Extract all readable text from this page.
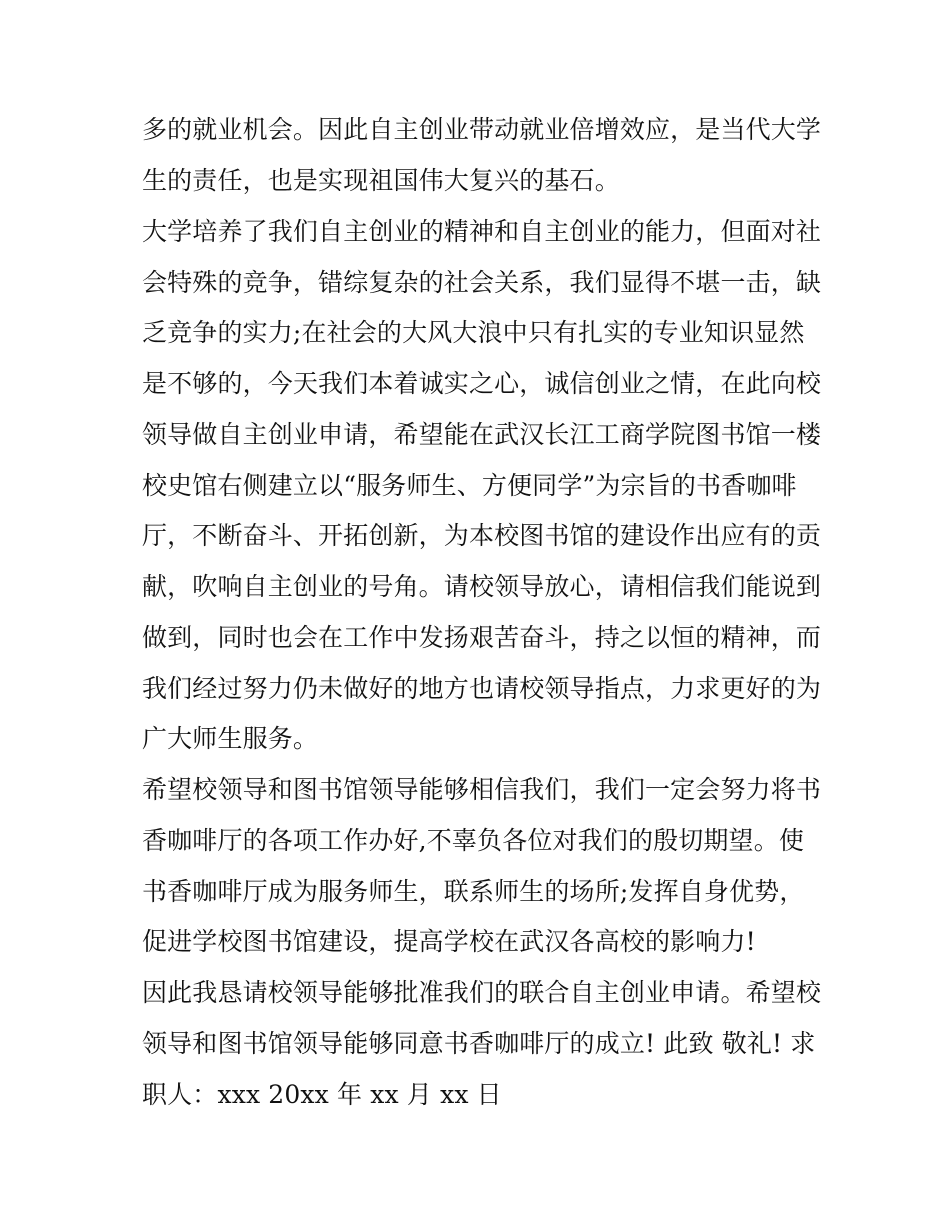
多的就业机会。因此自主创业带动就业倍增效应，是当代大学
生的责任，也是实现祖国伟大复兴的基石。
大学培养了我们自主创业的精神和自主创业的能力，但面对社
会特殊的竞争，错综复杂的社会关系，我们显得不堪一击，缺
乏竞争的实力;在社会的大风大浪中只有扎实的专业知识显然
是不够的，今天我们本着诚实之心，诚信创业之情，在此向校
领导做自主创业申请，希望能在武汉长江工商学院图书馆一楼
校史馆右侧建立以“服务师生、方便同学”为宗旨的书香咖啡
厅，不断奋斗、开拓创新，为本校图书馆的建设作出应有的贡
献，吹响自主创业的号角。请校领导放心，请相信我们能说到
做到，同时也会在工作中发扬艰苦奋斗，持之以恒的精神，而
我们经过努力仍未做好的地方也请校领导指点，力求更好的为
广大师生服务。
希望校领导和图书馆领导能够相信我们，我们一定会努力将书
香咖啡厅的各项工作办好,不辜负各位对我们的殷切期望。使
书香咖啡厅成为服务师生，联系师生的场所;发挥自身优势，
促进学校图书馆建设，提高学校在武汉各高校的影响力!
因此我恳请校领导能够批准我们的联合自主创业申请。希望校
领导和图书馆领导能够同意书香咖啡厅的成立! 此致 敬礼! 求
职人：xxx 20xx 年 xx 月 xx 日
